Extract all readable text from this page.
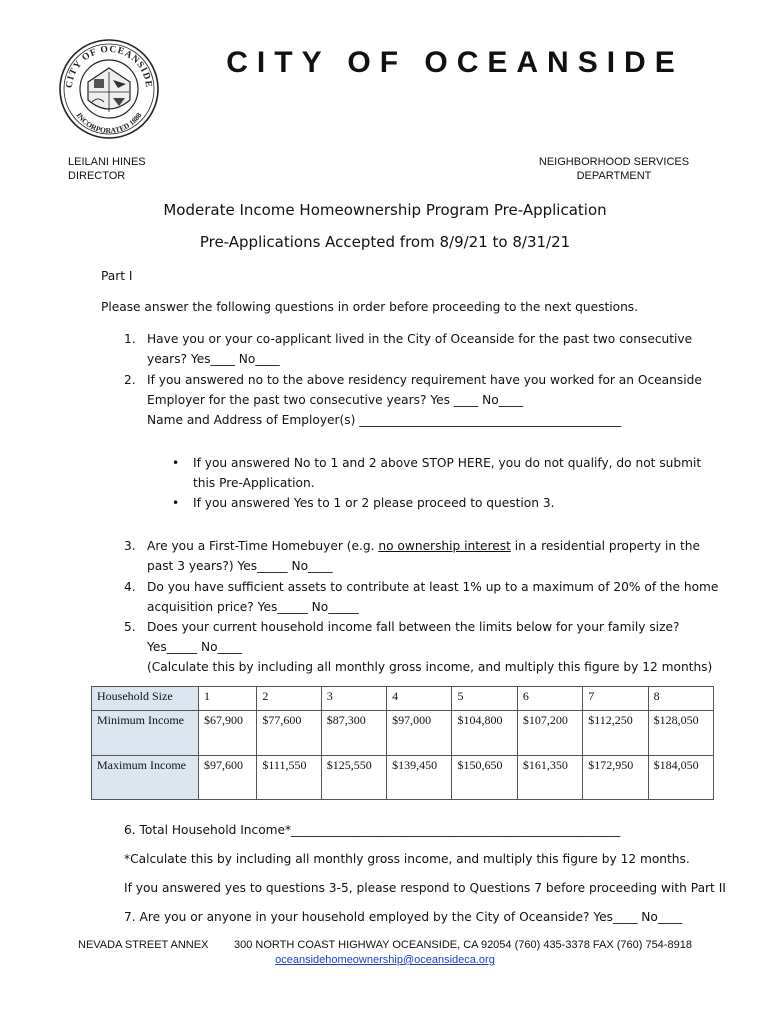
CITY OF OCEANSIDE
INCORPORATED 1888
CITY OF OCEANSIDE
LEILANI HINES
DIRECTOR
NEIGHBORHOOD SERVICES
DEPARTMENT
Moderate Income Homeownership Program Pre-Application
Pre-Applications Accepted from 8/9/21 to 8/31/21
Part I
Please answer the following questions in order before proceeding to the next questions.
1. Have you or your co-applicant lived in the City of Oceanside for the past two consecutive
years? Yes____ No____
2. If you answered no to the above residency requirement have you worked for an Oceanside
Employer for the past two consecutive years? Yes ____ No____
Name and Address of Employer(s) ___________________________________________
• If you answered No to 1 and 2 above STOP HERE, you do not qualify, do not submit
this Pre-Application.
• If you answered Yes to 1 or 2 please proceed to question 3.
3. Are you a First-Time Homebuyer (e.g. no ownership interest in a residential property in the
past 3 years?) Yes_____ No____
4. Do you have sufficient assets to contribute at least 1% up to a maximum of 20% of the home
acquisition price? Yes_____ No_____
5. Does your current household income fall between the limits below for your family size?
Yes_____ No____
(Calculate this by including all monthly gross income, and multiply this figure by 12 months)
Household Size	1	2	3	4	5	6	7	8
Minimum Income	$67,900	$77,600	$87,300	$97,000	$104,800	$107,200	$112,250	$128,050
Maximum Income	$97,600	$111,550	$125,550	$139,450	$150,650	$161,350	$172,950	$184,050
6. Total Household Income*______________________________________________________
*Calculate this by including all monthly gross income, and multiply this figure by 12 months.
If you answered yes to questions 3-5, please respond to Questions 7 before proceeding with Part II
7. Are you or anyone in your household employed by the City of Oceanside? Yes____ No____
NEVADA STREET ANNEX 300 NORTH COAST HIGHWAY OCEANSIDE, CA 92054 (760) 435-3378 FAX (760) 754-8918
oceansidehomeownership@oceansideca.org
